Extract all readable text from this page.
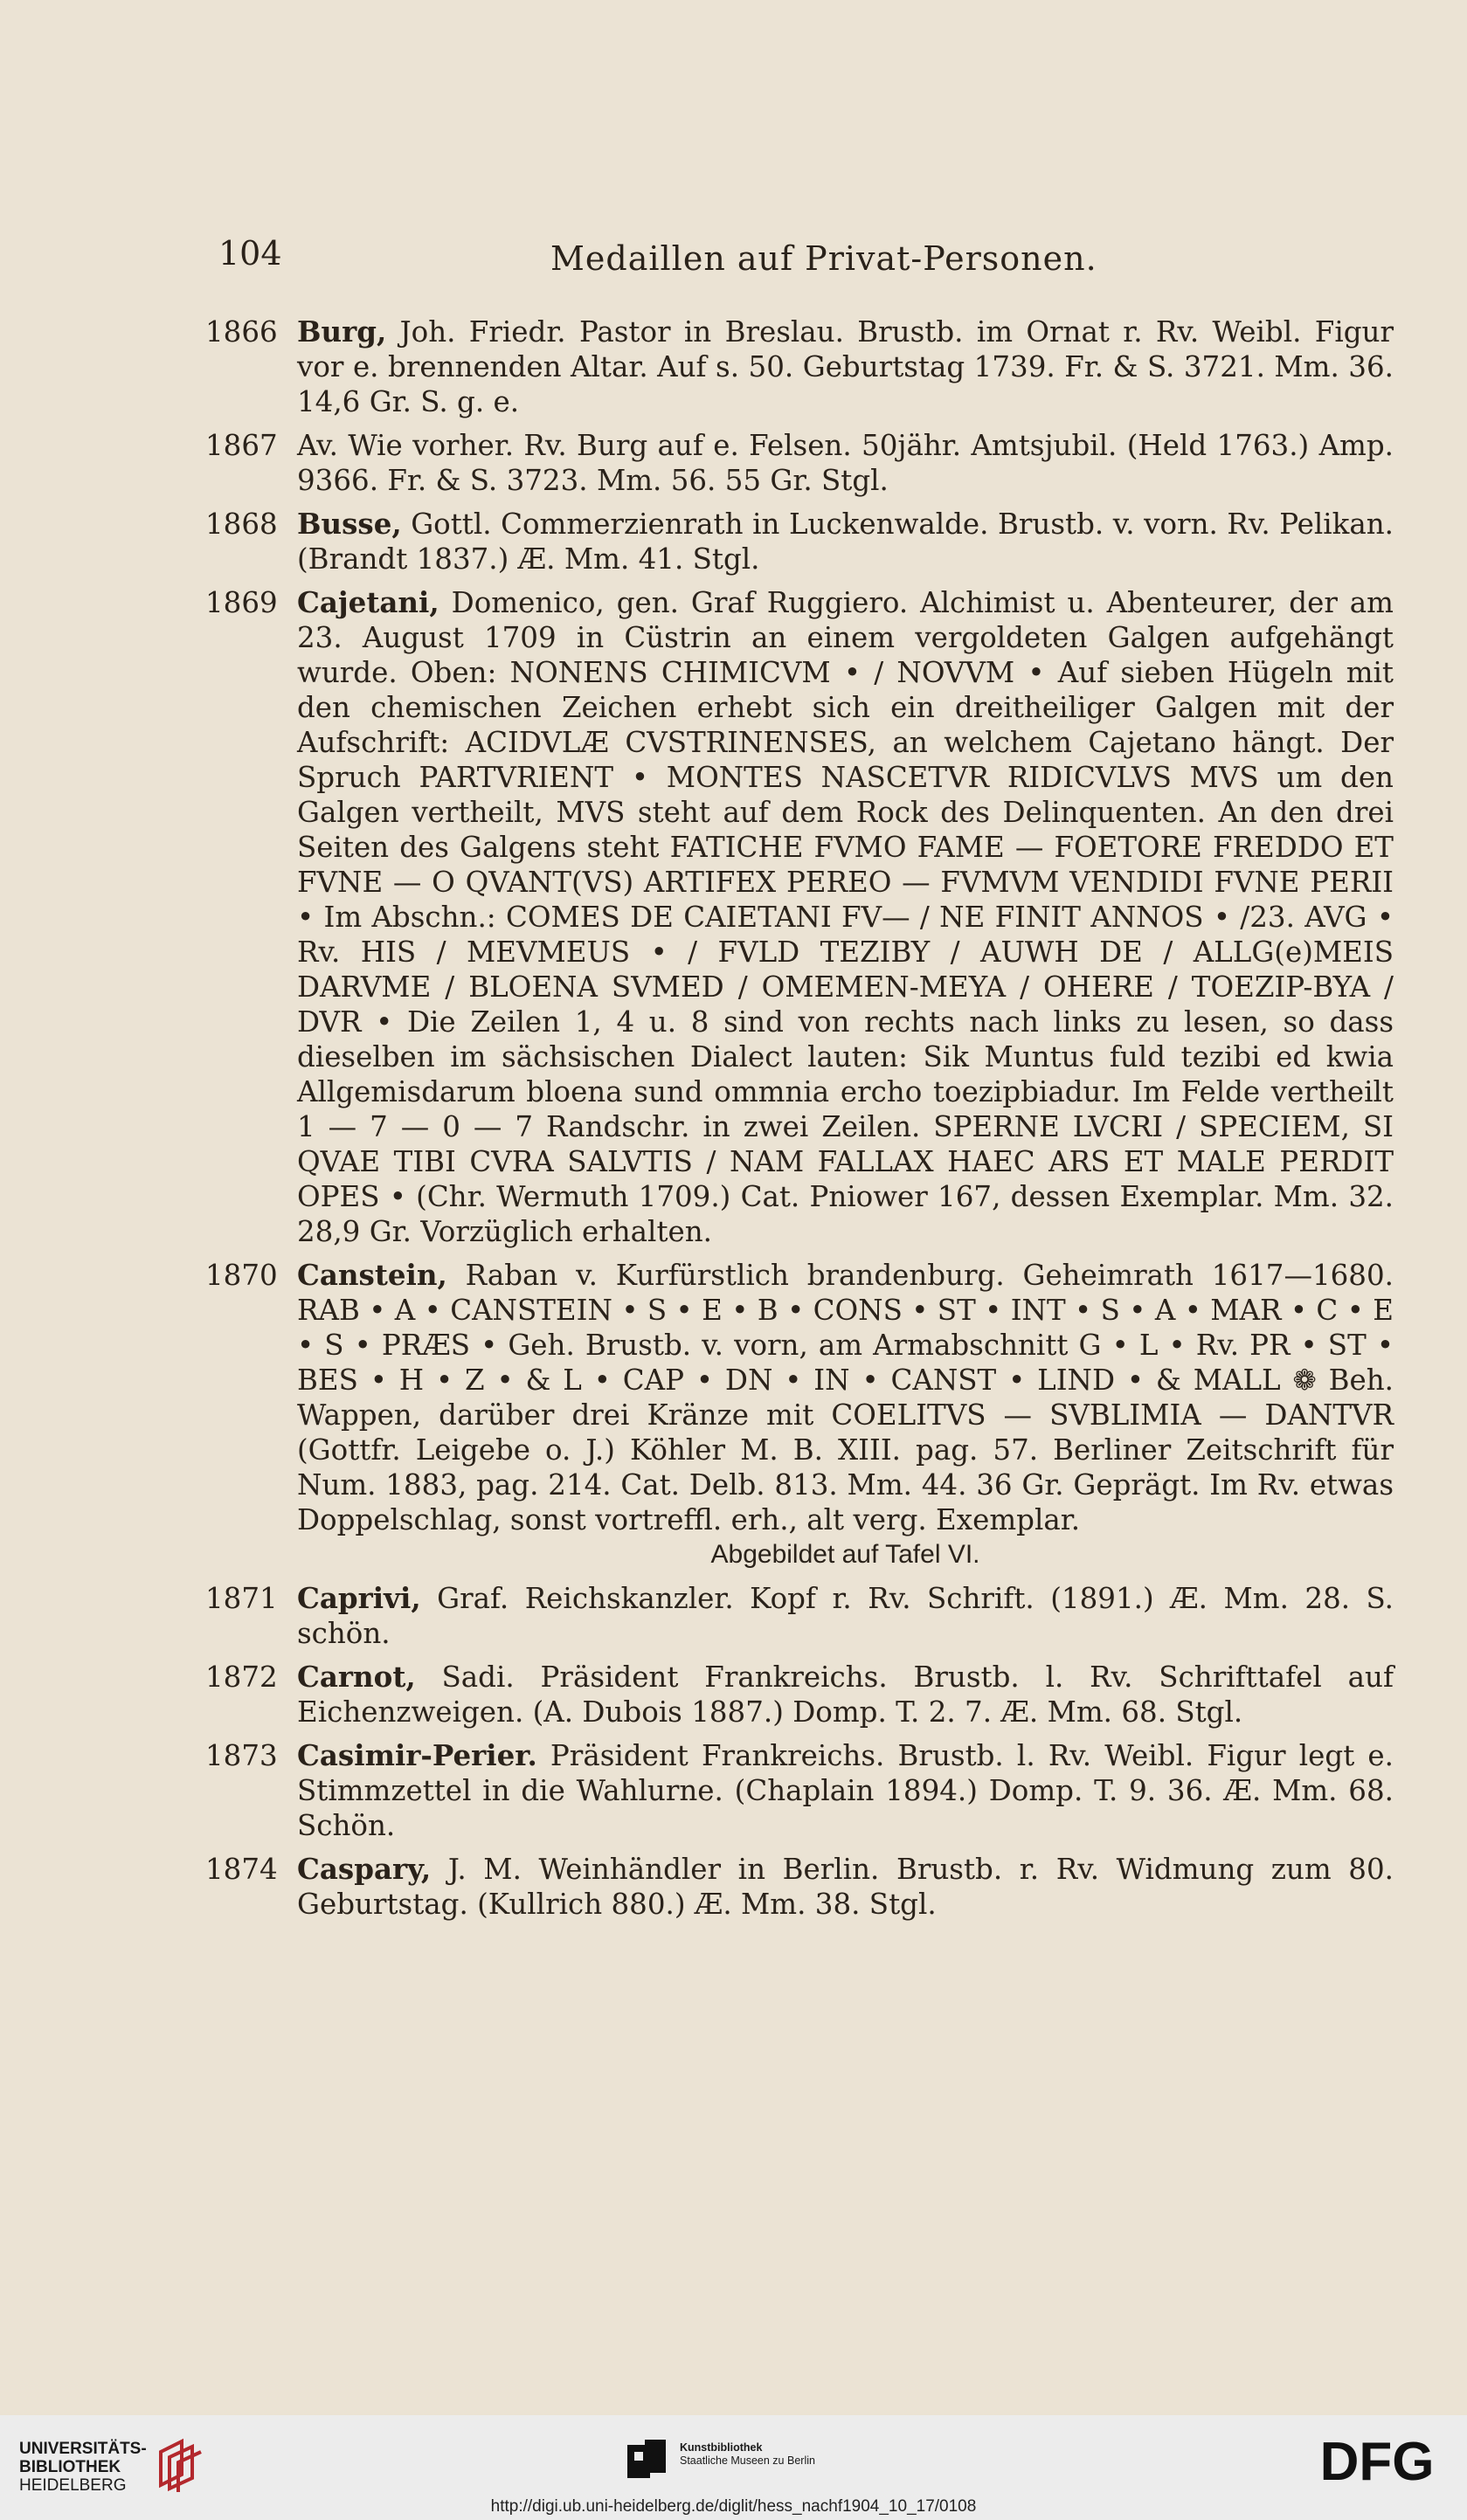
104	Medaillen auf Privat-Personen.
1866 Burg, Joh. Friedr. Pastor in Breslau. Brustb. im Ornat r. Rv. Weibl. Figur vor e. brennenden Altar. Auf s. 50. Geburtstag 1739. Fr. & S. 3721. Mm. 36. 14,6 Gr. S. g. e.
1867 Av. Wie vorher. Rv. Burg auf e. Felsen. 50jähr. Amtsjubil. (Held 1763.) Amp. 9366. Fr. & S. 3723. Mm. 56. 55 Gr. Stgl.
1868 Busse, Gottl. Commerzienrath in Luckenwalde. Brustb. v. vorn. Rv. Pelikan. (Brandt 1837.) Æ. Mm. 41. Stgl.
1869 Cajetani, Domenico, gen. Graf Ruggiero. Alchimist u. Abenteurer, der am 23. August 1709 in Cüstrin an einem vergoldeten Galgen aufgehängt wurde. Oben: NONENS CHIMICVM • / NOVVM • Auf sieben Hügeln mit den chemischen Zeichen erhebt sich ein dreitheiliger Galgen mit der Aufschrift: ACIDVLÆ CVSTRINENSES, an welchem Cajetano hängt. Der Spruch PARTVRIENT • MONTES NASCETVR RIDICVLVS MVS um den Galgen vertheilt, MVS steht auf dem Rock des Delinquenten. An den drei Seiten des Galgens steht FATICHE FVMO FAME — FOETORE FREDDO ET FVNE — O QVANT(VS) ARTIFEX PEREO — FVMVM VENDIDI FVNE PERII • Im Abschn.: COMES DE CAIETANI FV— / NE FINIT ANNOS • /23. AVG • Rv. HIS / MEVMEUS • / FVLD TEZIBY / AUWH DE / ALLG(e)MEIS DARVME / BLOENA SVMED / OMEMEN-MEYA / OHERE / TOEZIP-BYA / DVR • Die Zeilen 1, 4 u. 8 sind von rechts nach links zu lesen, so dass dieselben im sächsischen Dialect lauten: Sik Muntus fuld tezibi ed kwia Allgemisdarum bloena sund ommnia ercho toezipbiadur. Im Felde vertheilt 1 — 7 — 0 — 7 Randschr. in zwei Zeilen. SPERNE LVCRI / SPECIEM, SI QVAE TIBI CVRA SALVTIS / NAM FALLAX HAEC ARS ET MALE PERDIT OPES • (Chr. Wermuth 1709.) Cat. Pniower 167, dessen Exemplar. Mm. 32. 28,9 Gr. Vorzüglich erhalten.
1870 Canstein, Raban v. Kurfürstlich brandenburg. Geheimrath 1617—1680. RAB • A • CANSTEIN • S • E • B • CONS • ST • INT • S • A • MAR • C • E • S • PRÆS • Geh. Brustb. v. vorn, am Armabschnitt G • L • Rv. PR • ST • BES • H • Z • & L • CAP • DN • IN • CANST • LIND • & MALL ❁ Beh. Wappen, darüber drei Kränze mit COELITVS — SVBLIMIA — DANTVR (Gottfr. Leigebe o. J.) Köhler M. B. XIII. pag. 57. Berliner Zeitschrift für Num. 1883, pag. 214. Cat. Delb. 813. Mm. 44. 36 Gr. Geprägt. Im Rv. etwas Doppelschlag, sonst vortreffl. erh., alt verg. Exemplar.
Abgebildet auf Tafel VI.
1871 Caprivi, Graf. Reichskanzler. Kopf r. Rv. Schrift. (1891.) Æ. Mm. 28. S. schön.
1872 Carnot, Sadi. Präsident Frankreichs. Brustb. l. Rv. Schrifttafel auf Eichenzweigen. (A. Dubois 1887.) Domp. T. 2. 7. Æ. Mm. 68. Stgl.
1873 Casimir-Perier. Präsident Frankreichs. Brustb. l. Rv. Weibl. Figur legt e. Stimmzettel in die Wahlurne. (Chaplain 1894.) Domp. T. 9. 36. Æ. Mm. 68. Schön.
1874 Caspary, J. M. Weinhändler in Berlin. Brustb. r. Rv. Widmung zum 80. Geburtstag. (Kullrich 880.) Æ. Mm. 38. Stgl.
UNIVERSITÄTS-
BIBLIOTHEK
HEIDELBERG
Kunstbibliothek
Staatliche Museen zu Berlin	DFG
http://digi.ub.uni-heidelberg.de/diglit/hess_nachf1904_10_17/0108
